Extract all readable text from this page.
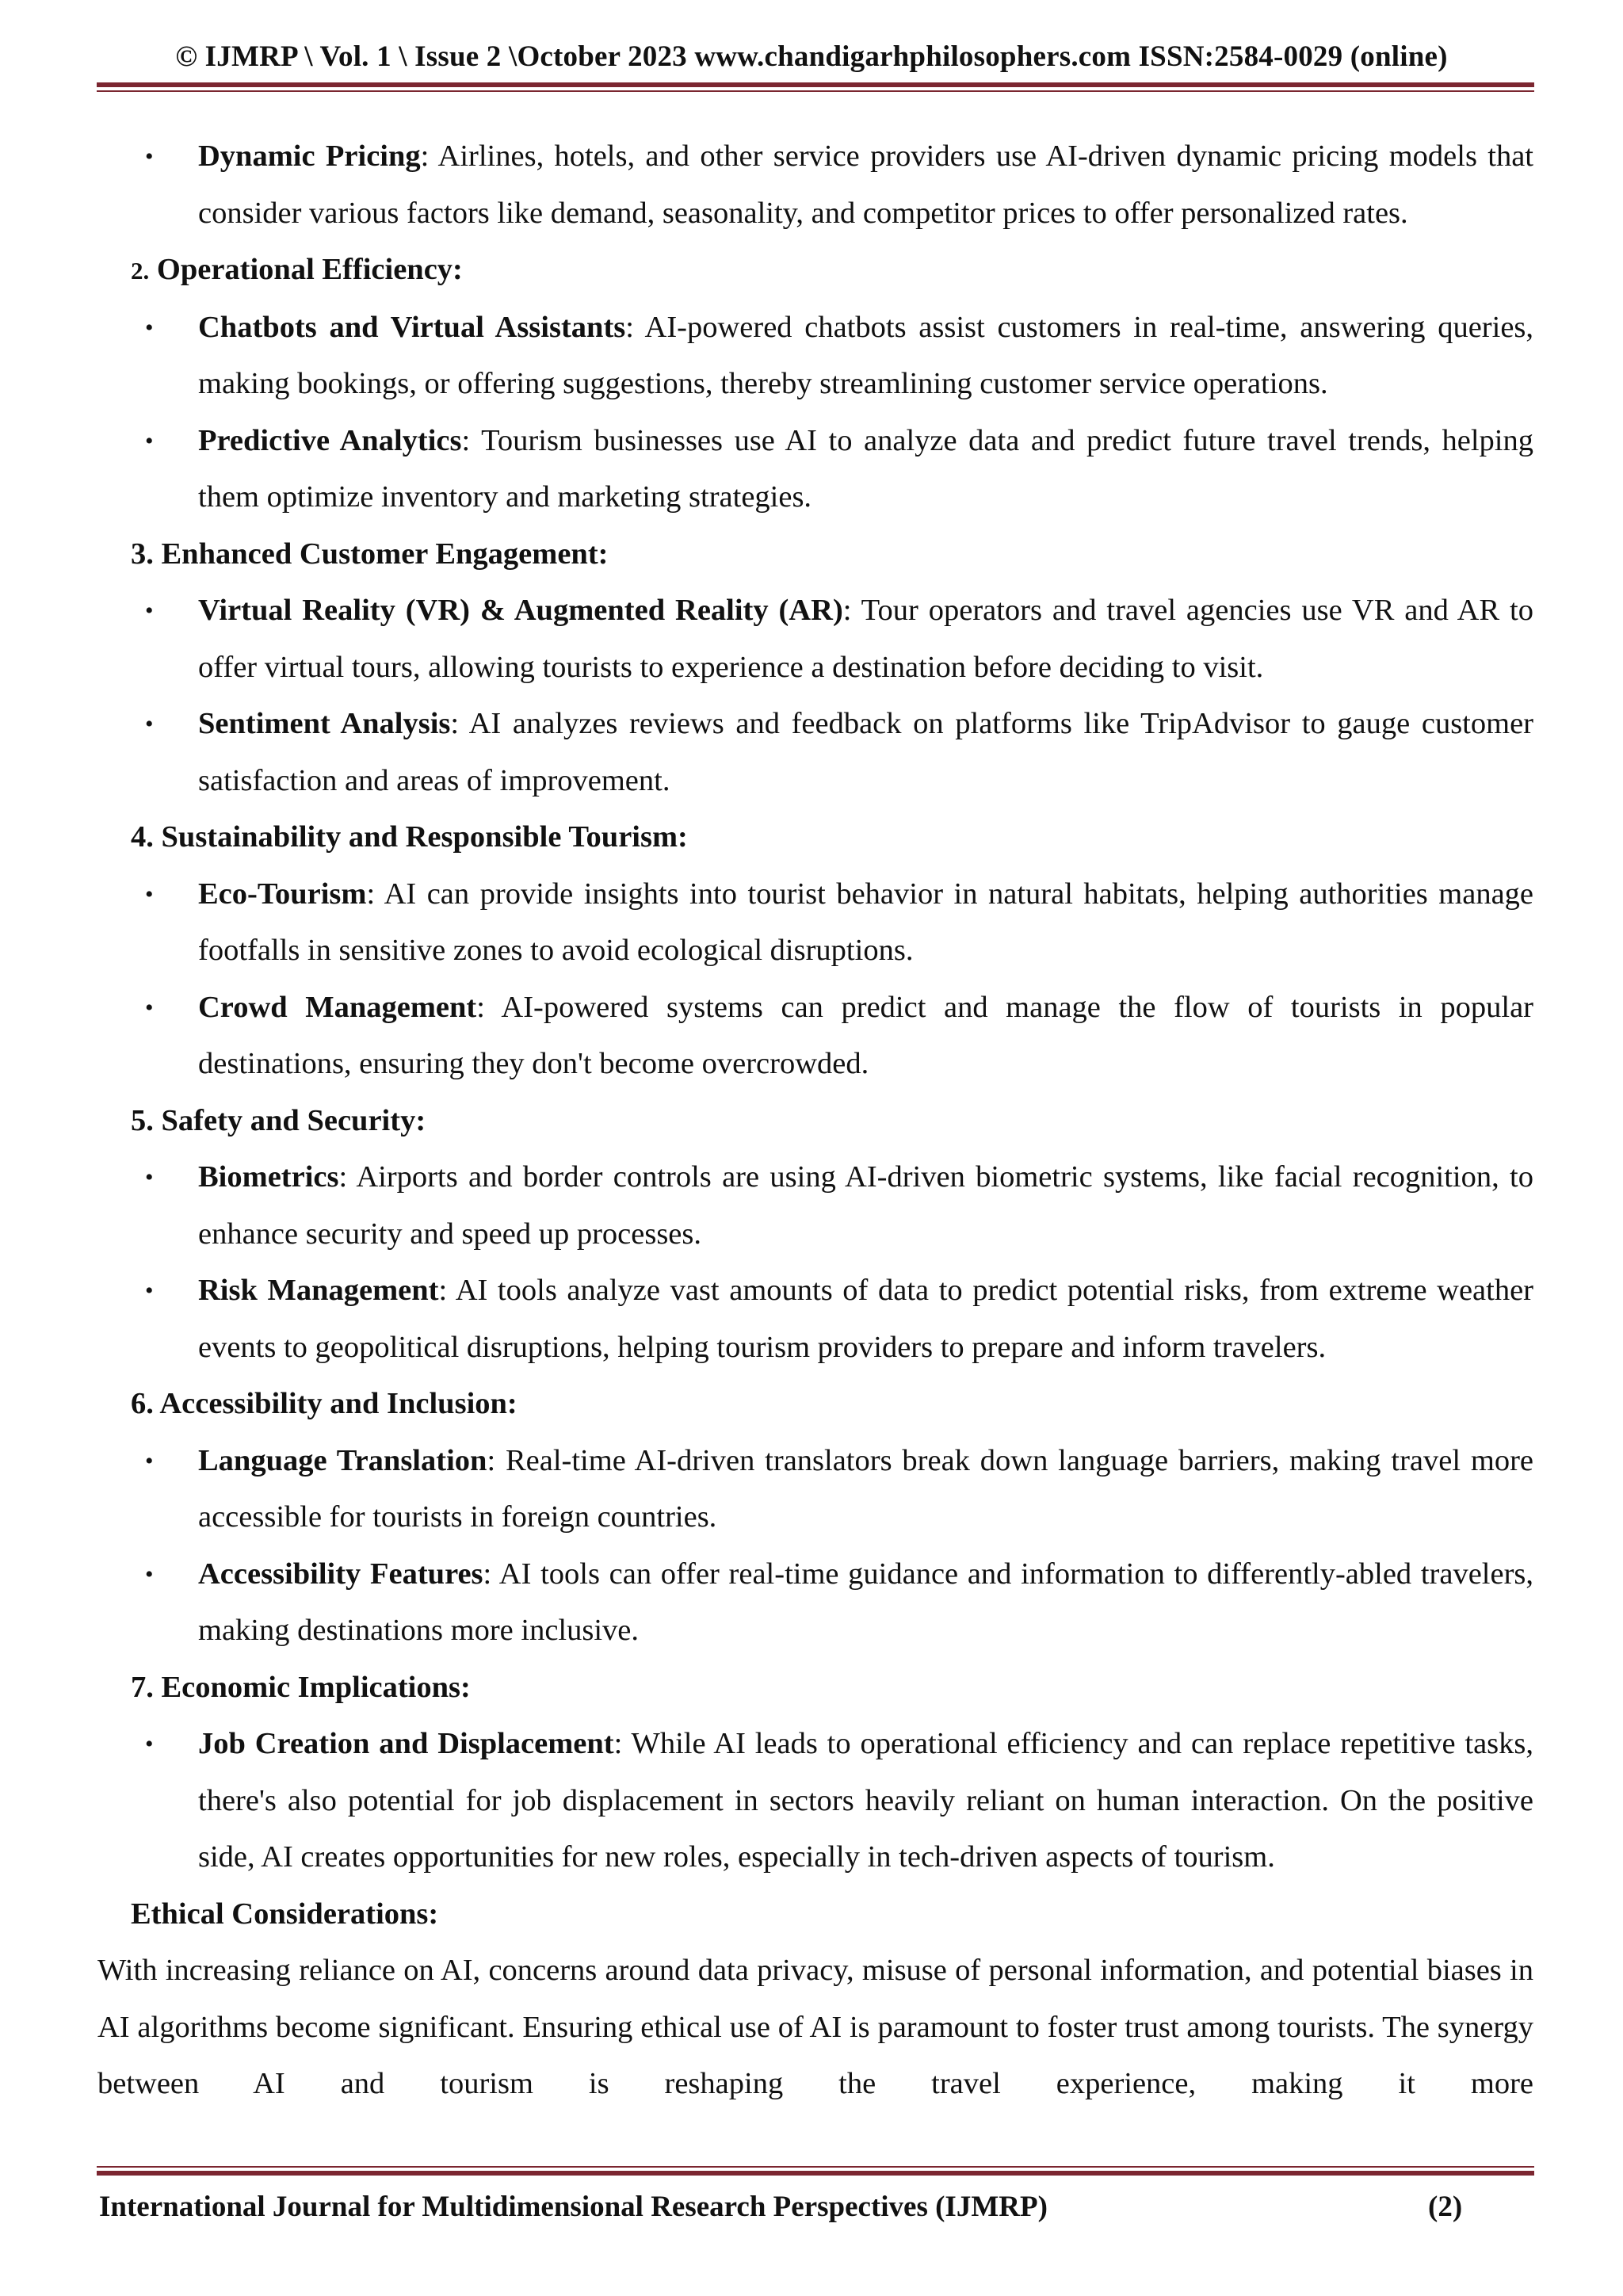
© IJMRP \ Vol. 1 \ Issue 2 \October 2023 www.chandigarhphilosophers.com ISSN:2584-0029 (online)
• Dynamic Pricing: Airlines, hotels, and other service providers use AI-driven dynamic pricing models that consider various factors like demand, seasonality, and competitor prices to offer personalized rates.
2. Operational Efficiency:
• Chatbots and Virtual Assistants: AI-powered chatbots assist customers in real-time, answering queries, making bookings, or offering suggestions, thereby streamlining customer service operations.
• Predictive Analytics: Tourism businesses use AI to analyze data and predict future travel trends, helping them optimize inventory and marketing strategies.
3. Enhanced Customer Engagement:
• Virtual Reality (VR) & Augmented Reality (AR): Tour operators and travel agencies use VR and AR to offer virtual tours, allowing tourists to experience a destination before deciding to visit.
• Sentiment Analysis: AI analyzes reviews and feedback on platforms like TripAdvisor to gauge customer satisfaction and areas of improvement.
4. Sustainability and Responsible Tourism:
• Eco-Tourism: AI can provide insights into tourist behavior in natural habitats, helping authorities manage footfalls in sensitive zones to avoid ecological disruptions.
• Crowd Management: AI-powered systems can predict and manage the flow of tourists in popular destinations, ensuring they don't become overcrowded.
5. Safety and Security:
• Biometrics: Airports and border controls are using AI-driven biometric systems, like facial recognition, to enhance security and speed up processes.
• Risk Management: AI tools analyze vast amounts of data to predict potential risks, from extreme weather events to geopolitical disruptions, helping tourism providers to prepare and inform travelers.
6. Accessibility and Inclusion:
• Language Translation: Real-time AI-driven translators break down language barriers, making travel more accessible for tourists in foreign countries.
• Accessibility Features: AI tools can offer real-time guidance and information to differently-abled travelers, making destinations more inclusive.
7. Economic Implications:
• Job Creation and Displacement: While AI leads to operational efficiency and can replace repetitive tasks, there's also potential for job displacement in sectors heavily reliant on human interaction. On the positive side, AI creates opportunities for new roles, especially in tech-driven aspects of tourism.
Ethical Considerations:
With increasing reliance on AI, concerns around data privacy, misuse of personal information, and potential biases in AI algorithms become significant. Ensuring ethical use of AI is paramount to foster trust among tourists. The synergy between AI and tourism is reshaping the travel experience, making it more
International Journal for Multidimensional Research Perspectives (IJMRP)	(2)
